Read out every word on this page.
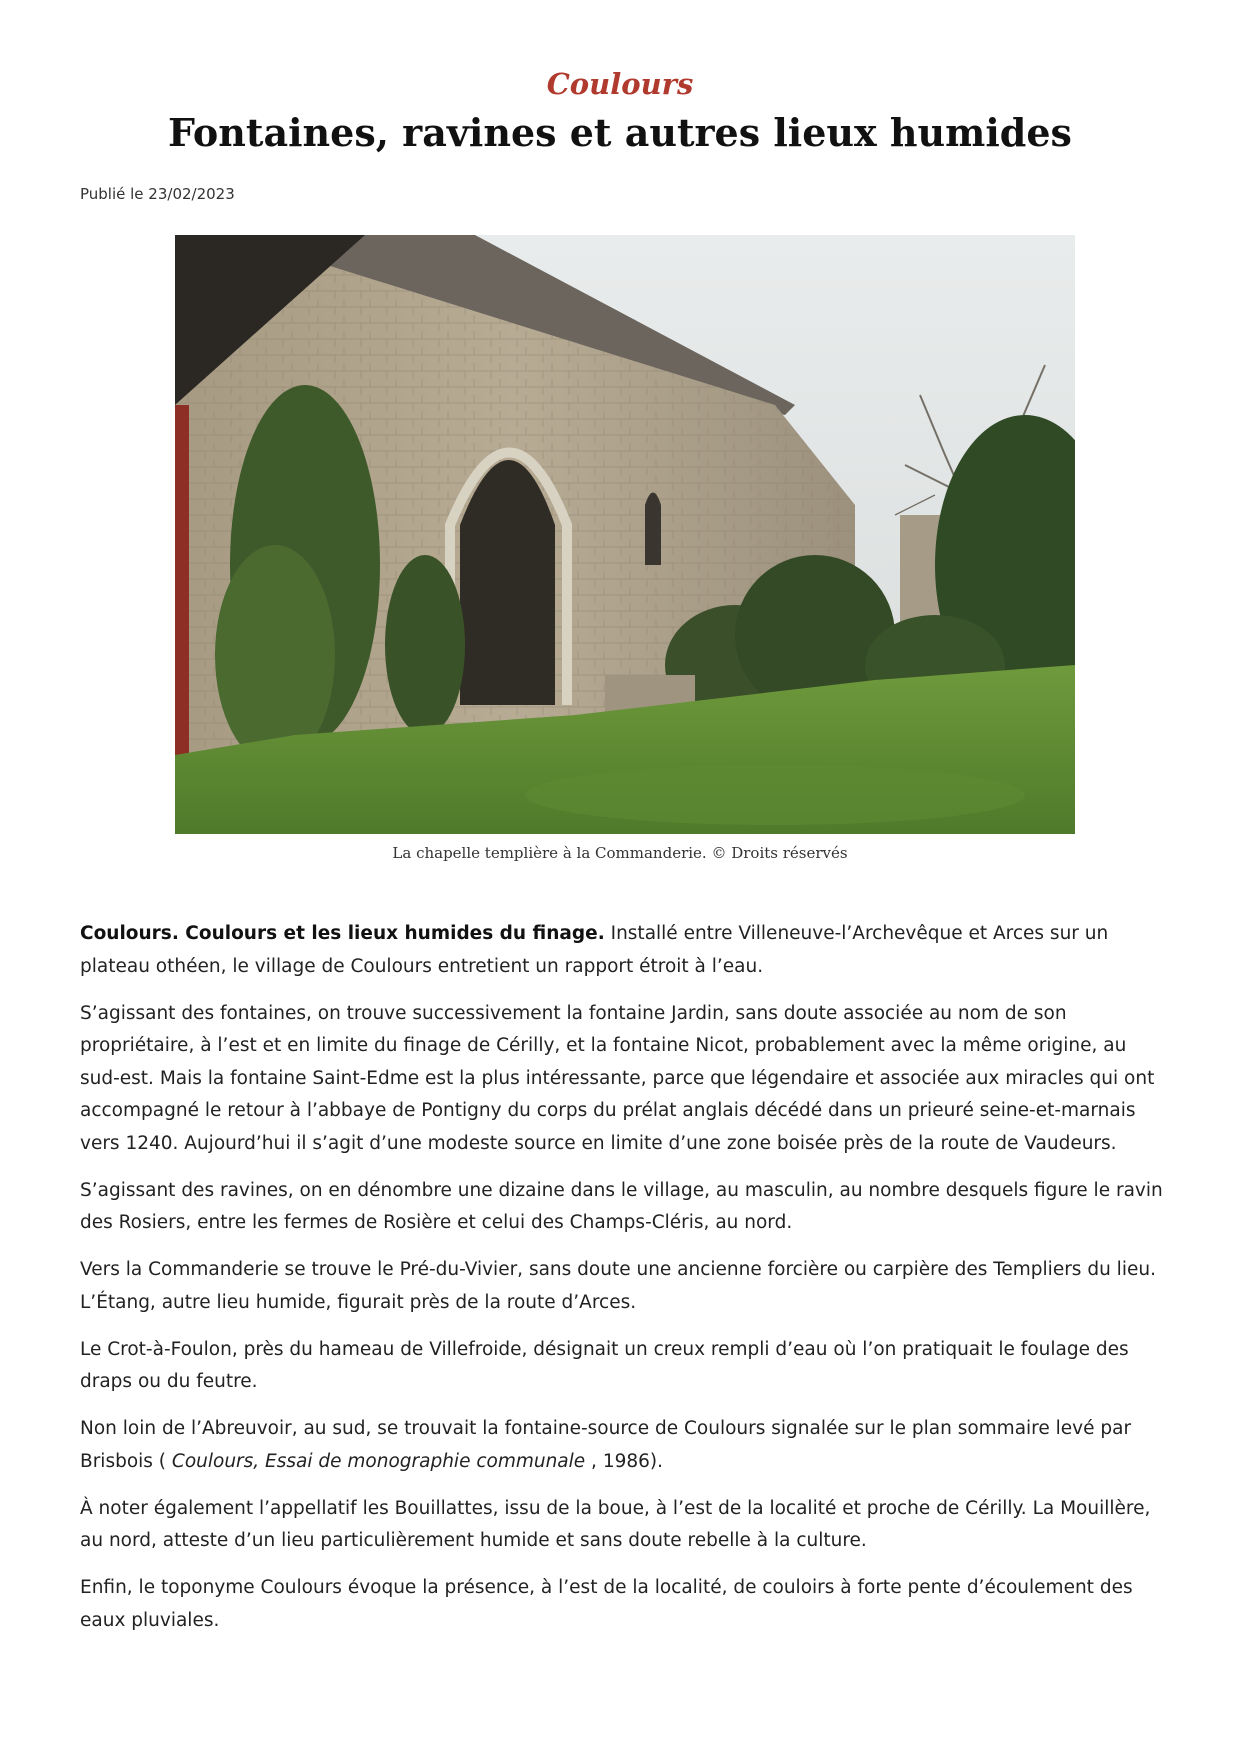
Coulours
Fontaines, ravines et autres lieux humides
Publié le 23/02/2023
La chapelle templière à la Commanderie. © Droits réservés

Coulours. Coulours et les lieux humides du finage. Installé entre Villeneuve-l’Archevêque et Arces sur un plateau othéen, le village de Coulours entretient un rapport étroit à l’eau.

S’agissant des fontaines, on trouve successivement la fontaine Jardin, sans doute associée au nom de son propriétaire, à l’est et en limite du finage de Cérilly, et la fontaine Nicot, probablement avec la même origine, au sud-est. Mais la fontaine Saint-Edme est la plus intéressante, parce que légendaire et associée aux miracles qui ont accompagné le retour à l’abbaye de Pontigny du corps du prélat anglais décédé dans un prieuré seine-et-marnais vers 1240. Aujourd’hui il s’agit d’une modeste source en limite d’une zone boisée près de la route de Vaudeurs.

S’agissant des ravines, on en dénombre une dizaine dans le village, au masculin, au nombre desquels figure le ravin des Rosiers, entre les fermes de Rosière et celui des Champs-Cléris, au nord.

Vers la Commanderie se trouve le Pré-du-Vivier, sans doute une ancienne forcière ou carpière des Templiers du lieu. L’Étang, autre lieu humide, figurait près de la route d’Arces.

Le Crot-à-Foulon, près du hameau de Villefroide, désignait un creux rempli d’eau où l’on pratiquait le foulage des draps ou du feutre.

Non loin de l’Abreuvoir, au sud, se trouvait la fontaine-source de Coulours signalée sur le plan sommaire levé par Brisbois ( Coulours, Essai de monographie communale , 1986).

À noter également l’appellatif les Bouillattes, issu de la boue, à l’est de la localité et proche de Cérilly. La Mouillère, au nord, atteste d’un lieu particulièrement humide et sans doute rebelle à la culture.

Enfin, le toponyme Coulours évoque la présence, à l’est de la localité, de couloirs à forte pente d’écoulement des eaux pluviales.
